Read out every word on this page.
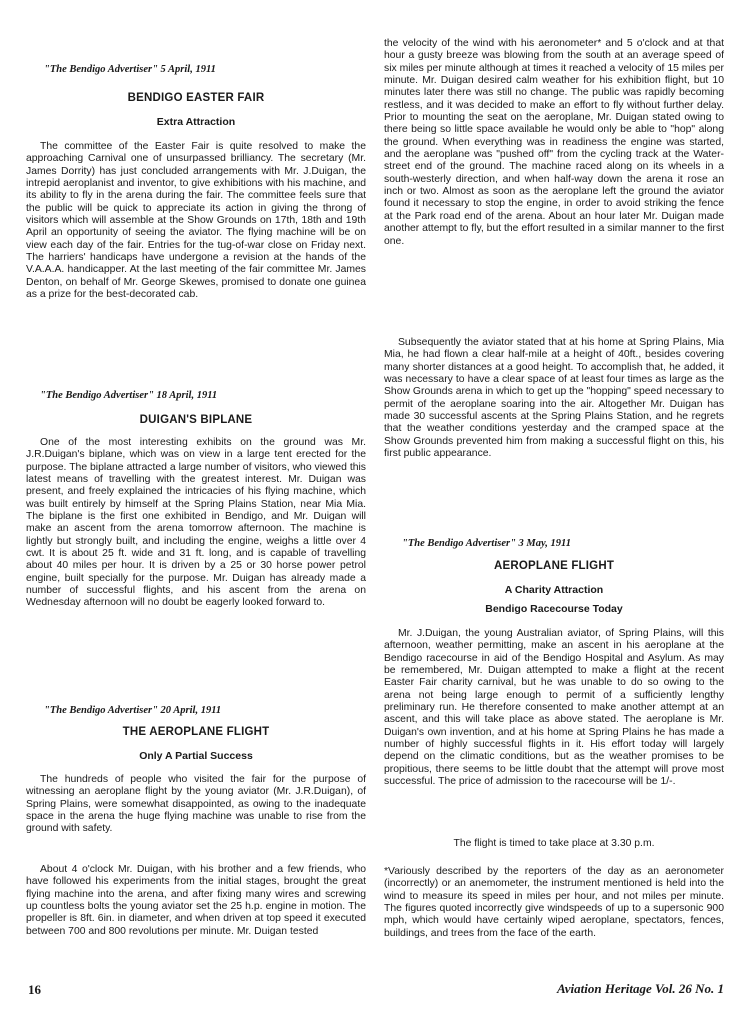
"The Bendigo Advertiser" 5 April, 1911

BENDIGO EASTER FAIR

Extra Attraction

The committee of the Easter Fair is quite resolved to make the approaching Carnival one of unsurpassed brilliancy. The secretary (Mr. James Dorrity) has just concluded arrangements with Mr. J.Duigan, the intrepid aeroplanist and inventor, to give exhibitions with his machine, and its ability to fly in the arena during the fair. The committee feels sure that the public will be quick to appreciate its action in giving the throng of visitors which will assemble at the Show Grounds on 17th, 18th and 19th April an opportunity of seeing the aviator. The flying machine will be on view each day of the fair. Entries for the tug-of-war close on Friday next. The harriers' handicaps have undergone a revision at the hands of the V.A.A.A. handicapper. At the last meeting of the fair committee Mr. James Denton, on behalf of Mr. George Skewes, promised to donate one guinea as a prize for the best-decorated cab.

"The Bendigo Advertiser" 18 April, 1911

DUIGAN'S BIPLANE

One of the most interesting exhibits on the ground was Mr. J.R.Duigan's biplane, which was on view in a large tent erected for the purpose. The biplane attracted a large number of visitors, who viewed this latest means of travelling with the greatest interest. Mr. Duigan was present, and freely explained the intricacies of his flying machine, which was built entirely by himself at the Spring Plains Station, near Mia Mia. The biplane is the first one exhibited in Bendigo, and Mr. Duigan will make an ascent from the arena tomorrow afternoon. The machine is lightly but strongly built, and including the engine, weighs a little over 4 cwt. It is about 25 ft. wide and 31 ft. long, and is capable of travelling about 40 miles per hour. It is driven by a 25 or 30 horse power petrol engine, built specially for the purpose. Mr. Duigan has already made a number of successful flights, and his ascent from the arena on Wednesday afternoon will no doubt be eagerly looked forward to.

"The Bendigo Advertiser" 20 April, 1911

THE AEROPLANE FLIGHT

Only A Partial Success

The hundreds of people who visited the fair for the purpose of witnessing an aeroplane flight by the young aviator (Mr. J.R.Duigan), of Spring Plains, were somewhat disappointed, as owing to the inadequate space in the arena the huge flying machine was unable to rise from the ground with safety.

About 4 o'clock Mr. Duigan, with his brother and a few friends, who have followed his experiments from the initial stages, brought the great flying machine into the arena, and after fixing many wires and screwing up countless bolts the young aviator set the 25 h.p. engine in motion. The propeller is 8ft. 6in. in diameter, and when driven at top speed it executed between 700 and 800 revolutions per minute. Mr. Duigan tested

the velocity of the wind with his aeronometer* and 5 o'clock and at that hour a gusty breeze was blowing from the south at an average speed of six miles per minute although at times it reached a velocity of 15 miles per minute. Mr. Duigan desired calm weather for his exhibition flight, but 10 minutes later there was still no change. The public was rapidly becoming restless, and it was decided to make an effort to fly without further delay. Prior to mounting the seat on the aeroplane, Mr. Duigan stated owing to there being so little space available he would only be able to "hop" along the ground. When everything was in readiness the engine was started, and the aeroplane was "pushed off" from the cycling track at the Water-street end of the ground. The machine raced along on its wheels in a south-westerly direction, and when half-way down the arena it rose an inch or two. Almost as soon as the aeroplane left the ground the aviator found it necessary to stop the engine, in order to avoid striking the fence at the Park road end of the arena. About an hour later Mr. Duigan made another attempt to fly, but the effort resulted in a similar manner to the first one.

Subsequently the aviator stated that at his home at Spring Plains, Mia Mia, he had flown a clear half-mile at a height of 40ft., besides covering many shorter distances at a good height. To accomplish that, he added, it was necessary to have a clear space of at least four times as large as the Show Grounds arena in which to get up the "hopping" speed necessary to permit of the aeroplane soaring into the air. Altogether Mr. Duigan has made 30 successful ascents at the Spring Plains Station, and he regrets that the weather conditions yesterday and the cramped space at the Show Grounds prevented him from making a successful flight on this, his first public appearance.

"The Bendigo Advertiser" 3 May, 1911

AEROPLANE FLIGHT

A Charity Attraction

Bendigo Racecourse Today

Mr. J.Duigan, the young Australian aviator, of Spring Plains, will this afternoon, weather permitting, make an ascent in his aeroplane at the Bendigo racecourse in aid of the Bendigo Hospital and Asylum. As may be remembered, Mr. Duigan attempted to make a flight at the recent Easter Fair charity carnival, but he was unable to do so owing to the arena not being large enough to permit of a sufficiently lengthy preliminary run. He therefore consented to make another attempt at an ascent, and this will take place as above stated. The aeroplane is Mr. Duigan's own invention, and at his home at Spring Plains he has made a number of highly successful flights in it. His effort today will largely depend on the climatic conditions, but as the weather promises to be propitious, there seems to be little doubt that the attempt will prove most successful. The price of admission to the racecourse will be 1/-.

The flight is timed to take place at 3.30 p.m.

*Variously described by the reporters of the day as an aeronometer (incorrectly) or an anemometer, the instrument mentioned is held into the wind to measure its speed in miles per hour, and not miles per minute. The figures quoted incorrectly give windspeeds of up to a supersonic 900 mph, which would have certainly wiped aeroplane, spectators, fences, buildings, and trees from the face of the earth.

16	Aviation Heritage Vol. 26 No. 1
